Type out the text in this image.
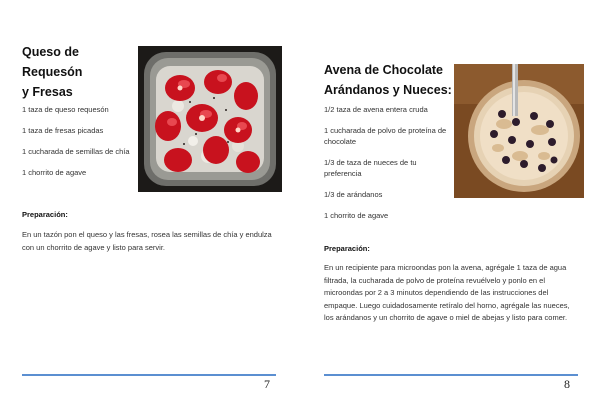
Queso de Requesón
y Fresas

1 taza de queso requesón

1 taza de fresas picadas

1 cucharada de semillas de chía

1 chorrito de agave

Preparación:
En un tazón pon el queso y las fresas, rosea las semillas de chía y endulza con un chorrito de agave y listo para servir.
7
Avena de Chocolate
Arándanos y Nueces:

1/2 taza de avena entera cruda

1 cucharada de polvo de proteína de chocolate

1/3 de taza de nueces de tu preferencia

1/3 de arándanos

1 chorrito de agave

Preparación:
En un recipiente para microondas pon la avena, agrégale 1 taza de agua filtrada, la cucharada de polvo de proteína revuélvelo y ponlo en el microondas por 2 a 3 minutos dependiendo de las instrucciones del empaque. Luego cuidadosamente retíralo del horno, agrégale las nueces, los arándanos y un chorrito de agave o miel de abejas y listo para comer.
8
